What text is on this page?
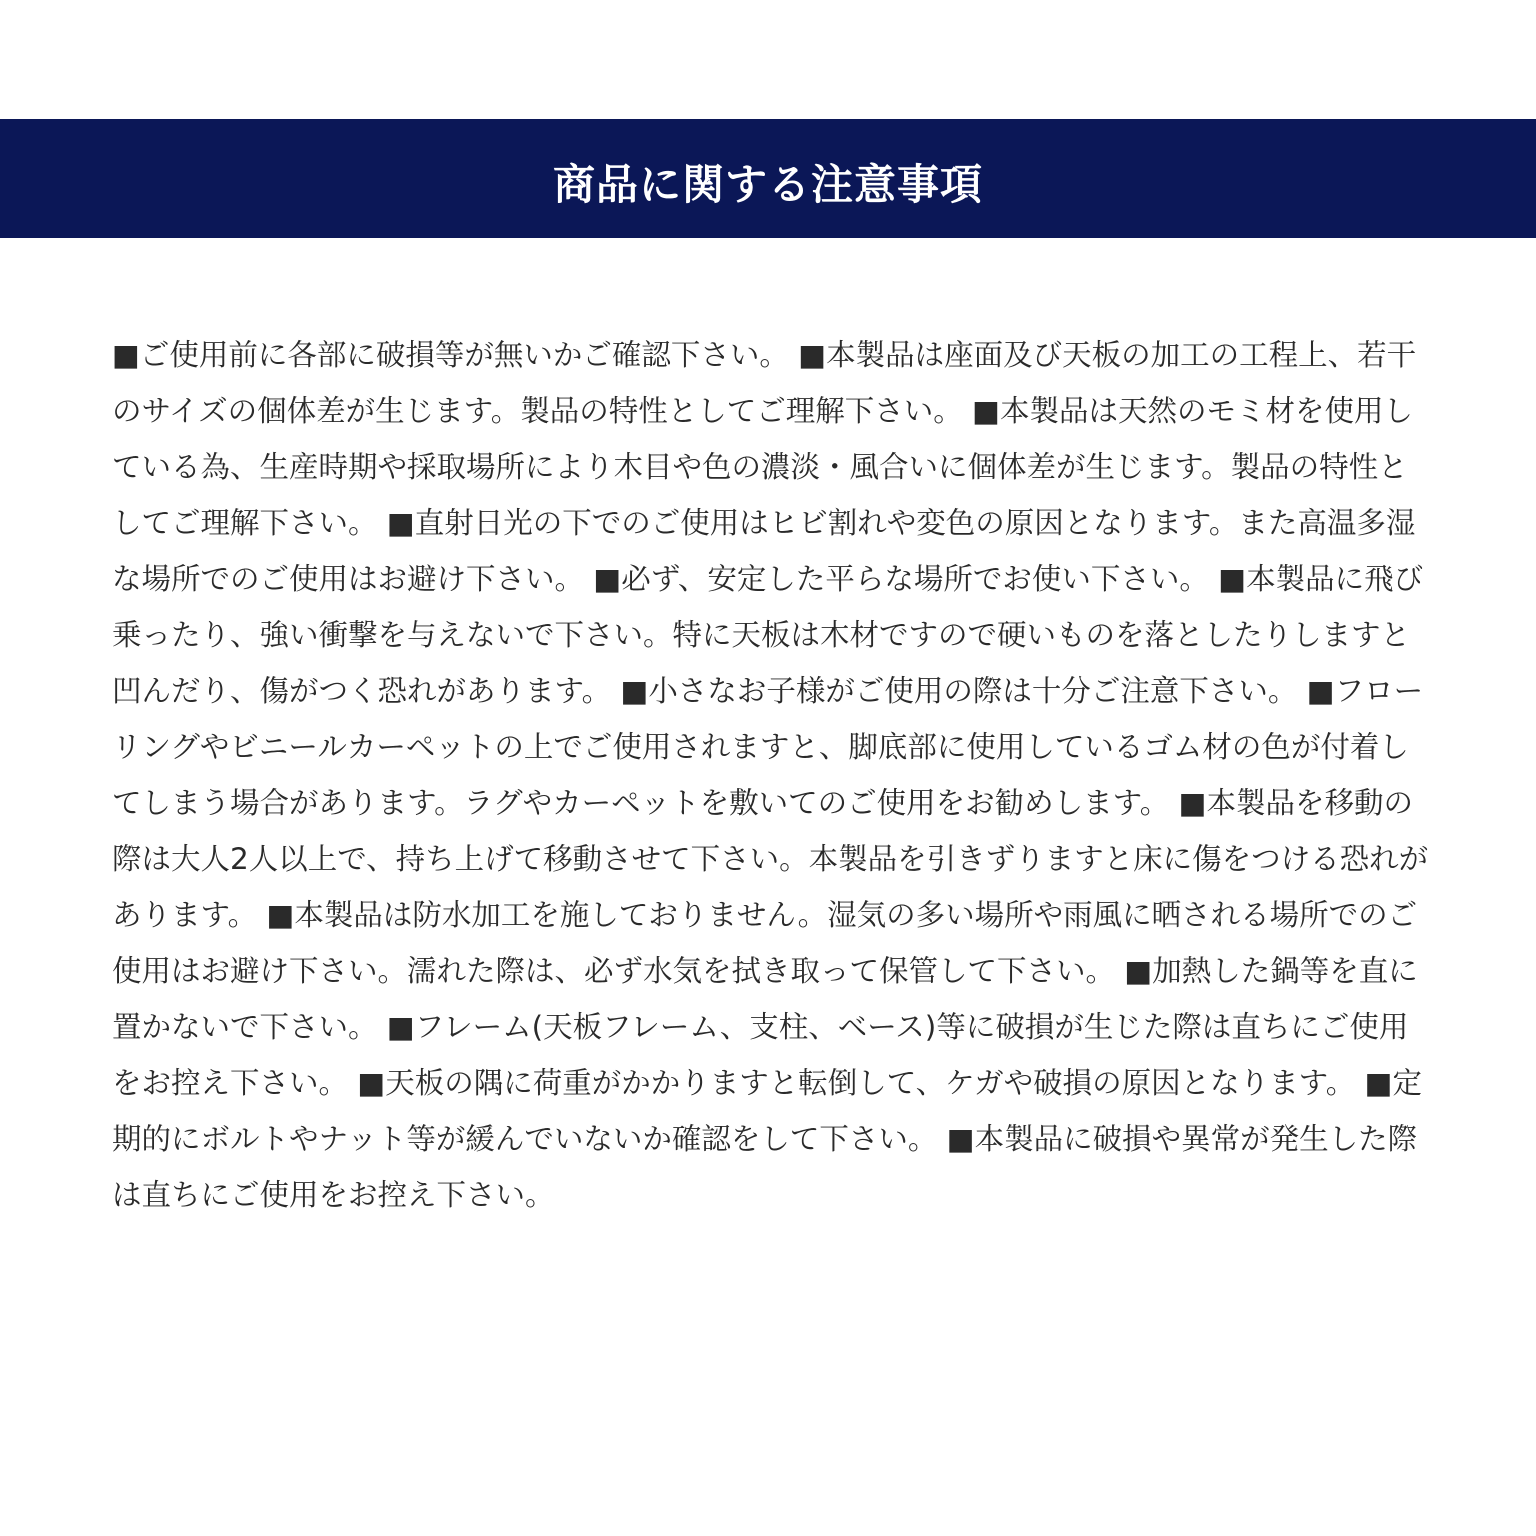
商品に関する注意事項

■ご使用前に各部に破損等が無いかご確認下さい。 ■本製品は座面及び天板の加工の工程上、若干のサイズの個体差が生じます。製品の特性としてご理解下さい。 ■本製品は天然のモミ材を使用している為、生産時期や採取場所により木目や色の濃淡・風合いに個体差が生じます。製品の特性としてご理解下さい。 ■直射日光の下でのご使用はヒビ割れや変色の原因となります。また高温多湿な場所でのご使用はお避け下さい。 ■必ず、安定した平らな場所でお使い下さい。 ■本製品に飛び乗ったり、強い衝撃を与えないで下さい。特に天板は木材ですので硬いものを落としたりしますと凹んだり、傷がつく恐れがあります。 ■小さなお子様がご使用の際は十分ご注意下さい。 ■フローリングやビニールカーペットの上でご使用されますと、脚底部に使用しているゴム材の色が付着してしまう場合があります。ラグやカーペットを敷いてのご使用をお勧めします。 ■本製品を移動の際は大人2人以上で、持ち上げて移動させて下さい。本製品を引きずりますと床に傷をつける恐れがあります。 ■本製品は防水加工を施しておりません。湿気の多い場所や雨風に晒される場所でのご使用はお避け下さい。濡れた際は、必ず水気を拭き取って保管して下さい。 ■加熱した鍋等を直に置かないで下さい。 ■フレーム(天板フレーム、支柱、ベース)等に破損が生じた際は直ちにご使用をお控え下さい。 ■天板の隅に荷重がかかりますと転倒して、ケガや破損の原因となります。 ■定期的にボルトやナット等が緩んでいないか確認をして下さい。 ■本製品に破損や異常が発生した際は直ちにご使用をお控え下さい。
